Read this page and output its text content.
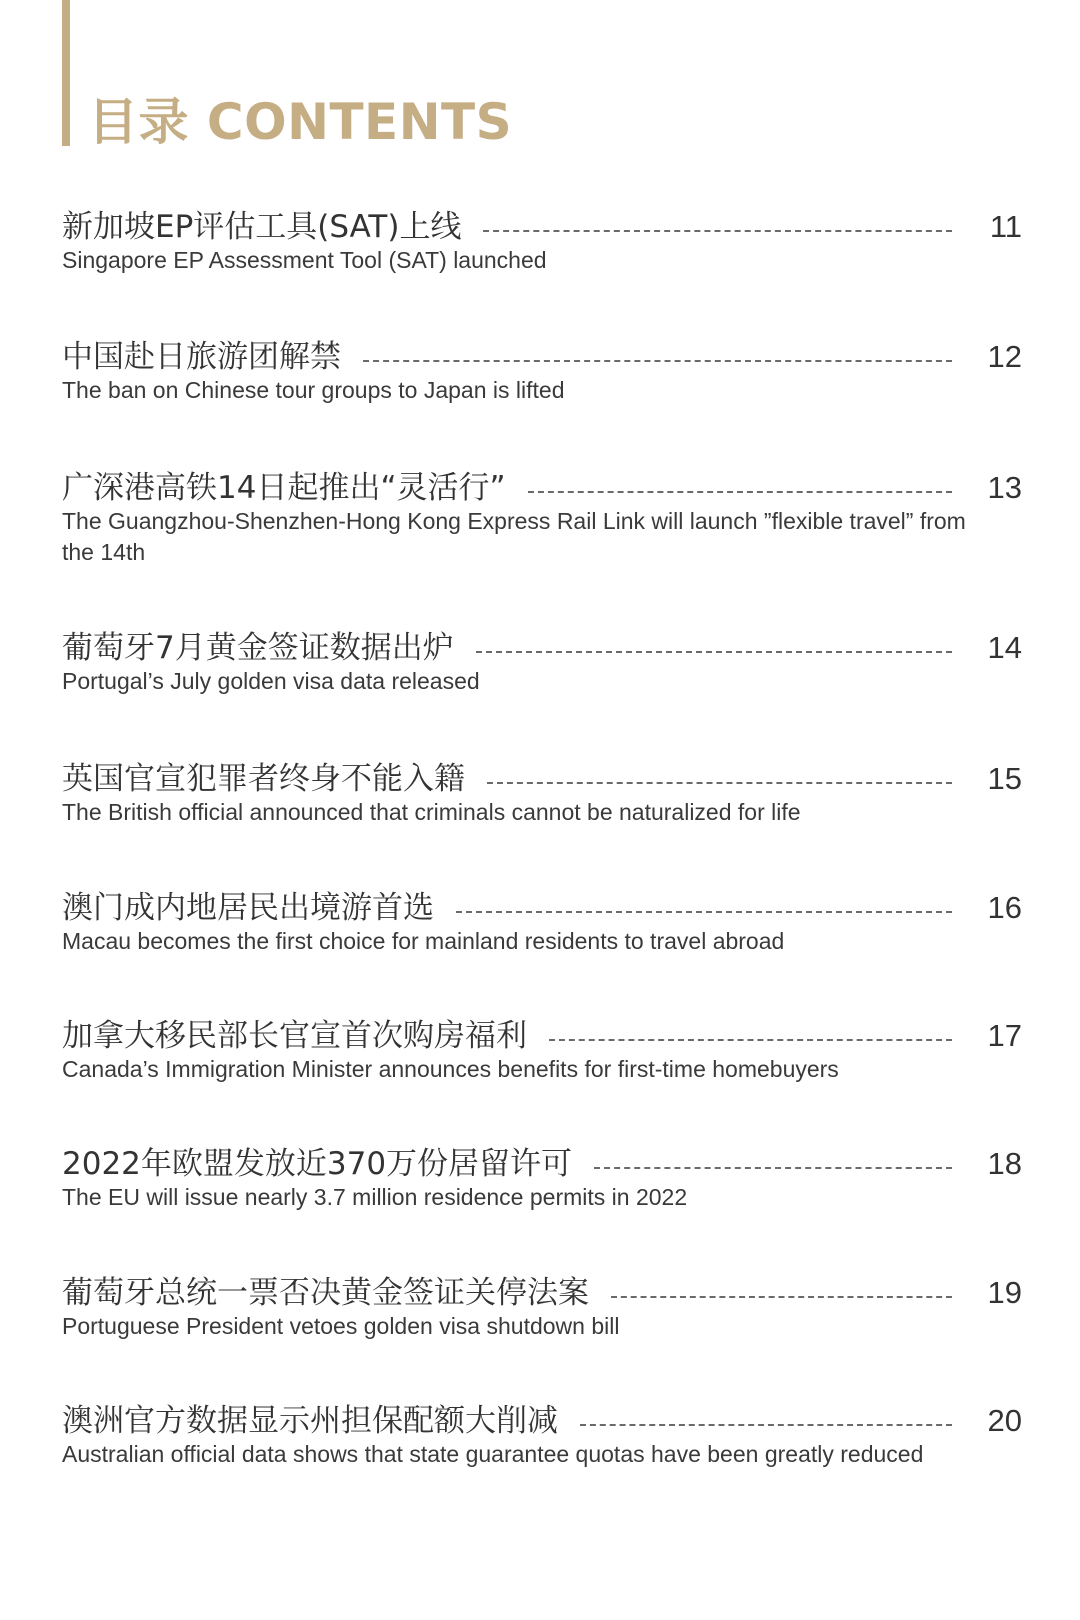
目录 CONTENTS
新加坡EP评估工具(SAT)上线	11
Singapore EP Assessment Tool (SAT) launched
中国赴日旅游团解禁	12
The ban on Chinese tour groups to Japan is lifted
广深港高铁14日起推出“灵活行”	13
The Guangzhou-Shenzhen-Hong Kong Express Rail Link will launch ”flexible travel” from the 14th
葡萄牙7月黄金签证数据出炉	14
Portugal’s July golden visa data released
英国官宣犯罪者终身不能入籍	15
The British official announced that criminals cannot be naturalized for life
澳门成内地居民出境游首选	16
Macau becomes the first choice for mainland residents to travel abroad
加拿大移民部长官宣首次购房福利	17
Canada’s Immigration Minister announces benefits for first-time homebuyers
2022年欧盟发放近370万份居留许可	18
The EU will issue nearly 3.7 million residence permits in 2022
葡萄牙总统一票否决黄金签证关停法案	19
Portuguese President vetoes golden visa shutdown bill
澳洲官方数据显示州担保配额大削减	20
Australian official data shows that state guarantee quotas have been greatly reduced
